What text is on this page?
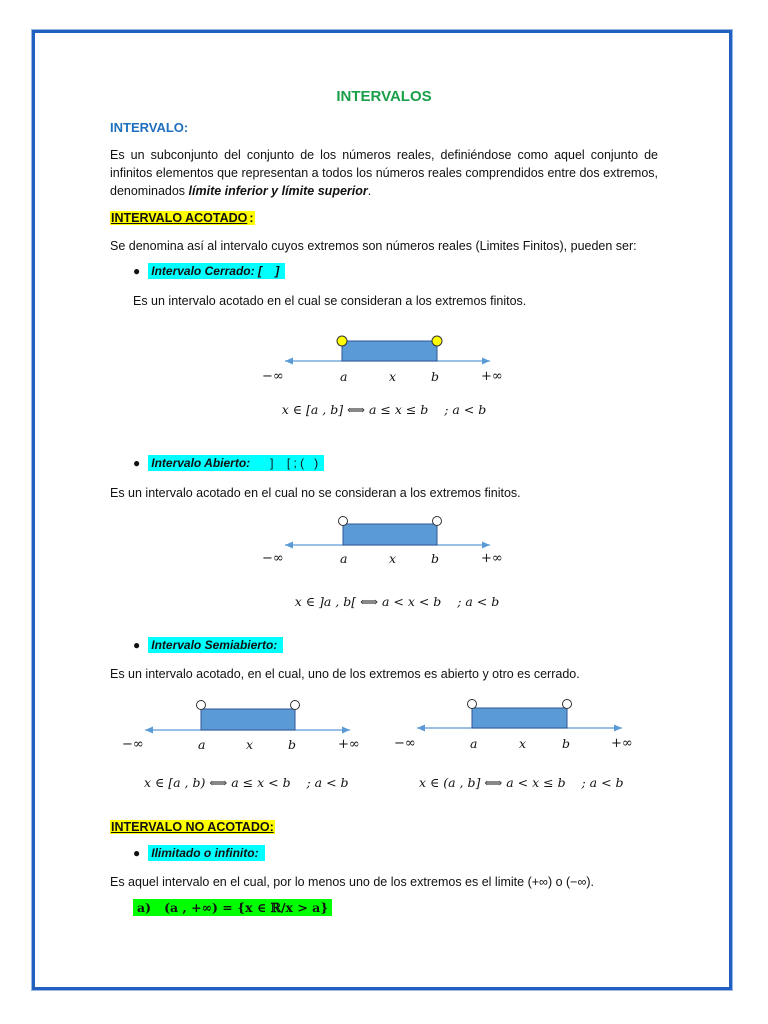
INTERVALOS
INTERVALO:
Es un subconjunto del conjunto de los números reales, definiéndose como aquel conjunto de infinitos elementos que representan a todos los números reales comprendidos entre dos extremos, denominados límite inferior y límite superior.
INTERVALO ACOTADO :
Se denomina así al intervalo cuyos extremos son números reales (Limites Finitos), pueden ser:
● Intervalo Cerrado: [ ]
Es un intervalo acotado en el cual se consideran a los extremos finitos.
−∞	a	x	b	+∞
x ∈ [a , b] ⟺ a ≤ x ≤ b    ; a < b
● Intervalo Abierto: ]    [ ; (   )
Es un intervalo acotado en el cual no se consideran a los extremos finitos.
−∞	a	x	b	+∞
x ∈ ]a , b[ ⟺ a < x < b    ; a < b
● Intervalo Semiabierto:
Es un intervalo acotado, en el cual, uno de los extremos es abierto y otro es cerrado.
−∞	a	x	b	+∞
x ∈ [a , b) ⟺ a ≤ x < b    ; a < b
−∞	a	x	b	+∞
x ∈ (a , b] ⟺ a < x ≤ b    ; a < b
INTERVALO NO ACOTADO:
● Ilimitado o infinito:
Es aquel intervalo en el cual, por lo menos uno de los extremos es el limite (+∞) o (−∞).
a)   (a , +∞) = {x ∈ ℝ/x > a}
